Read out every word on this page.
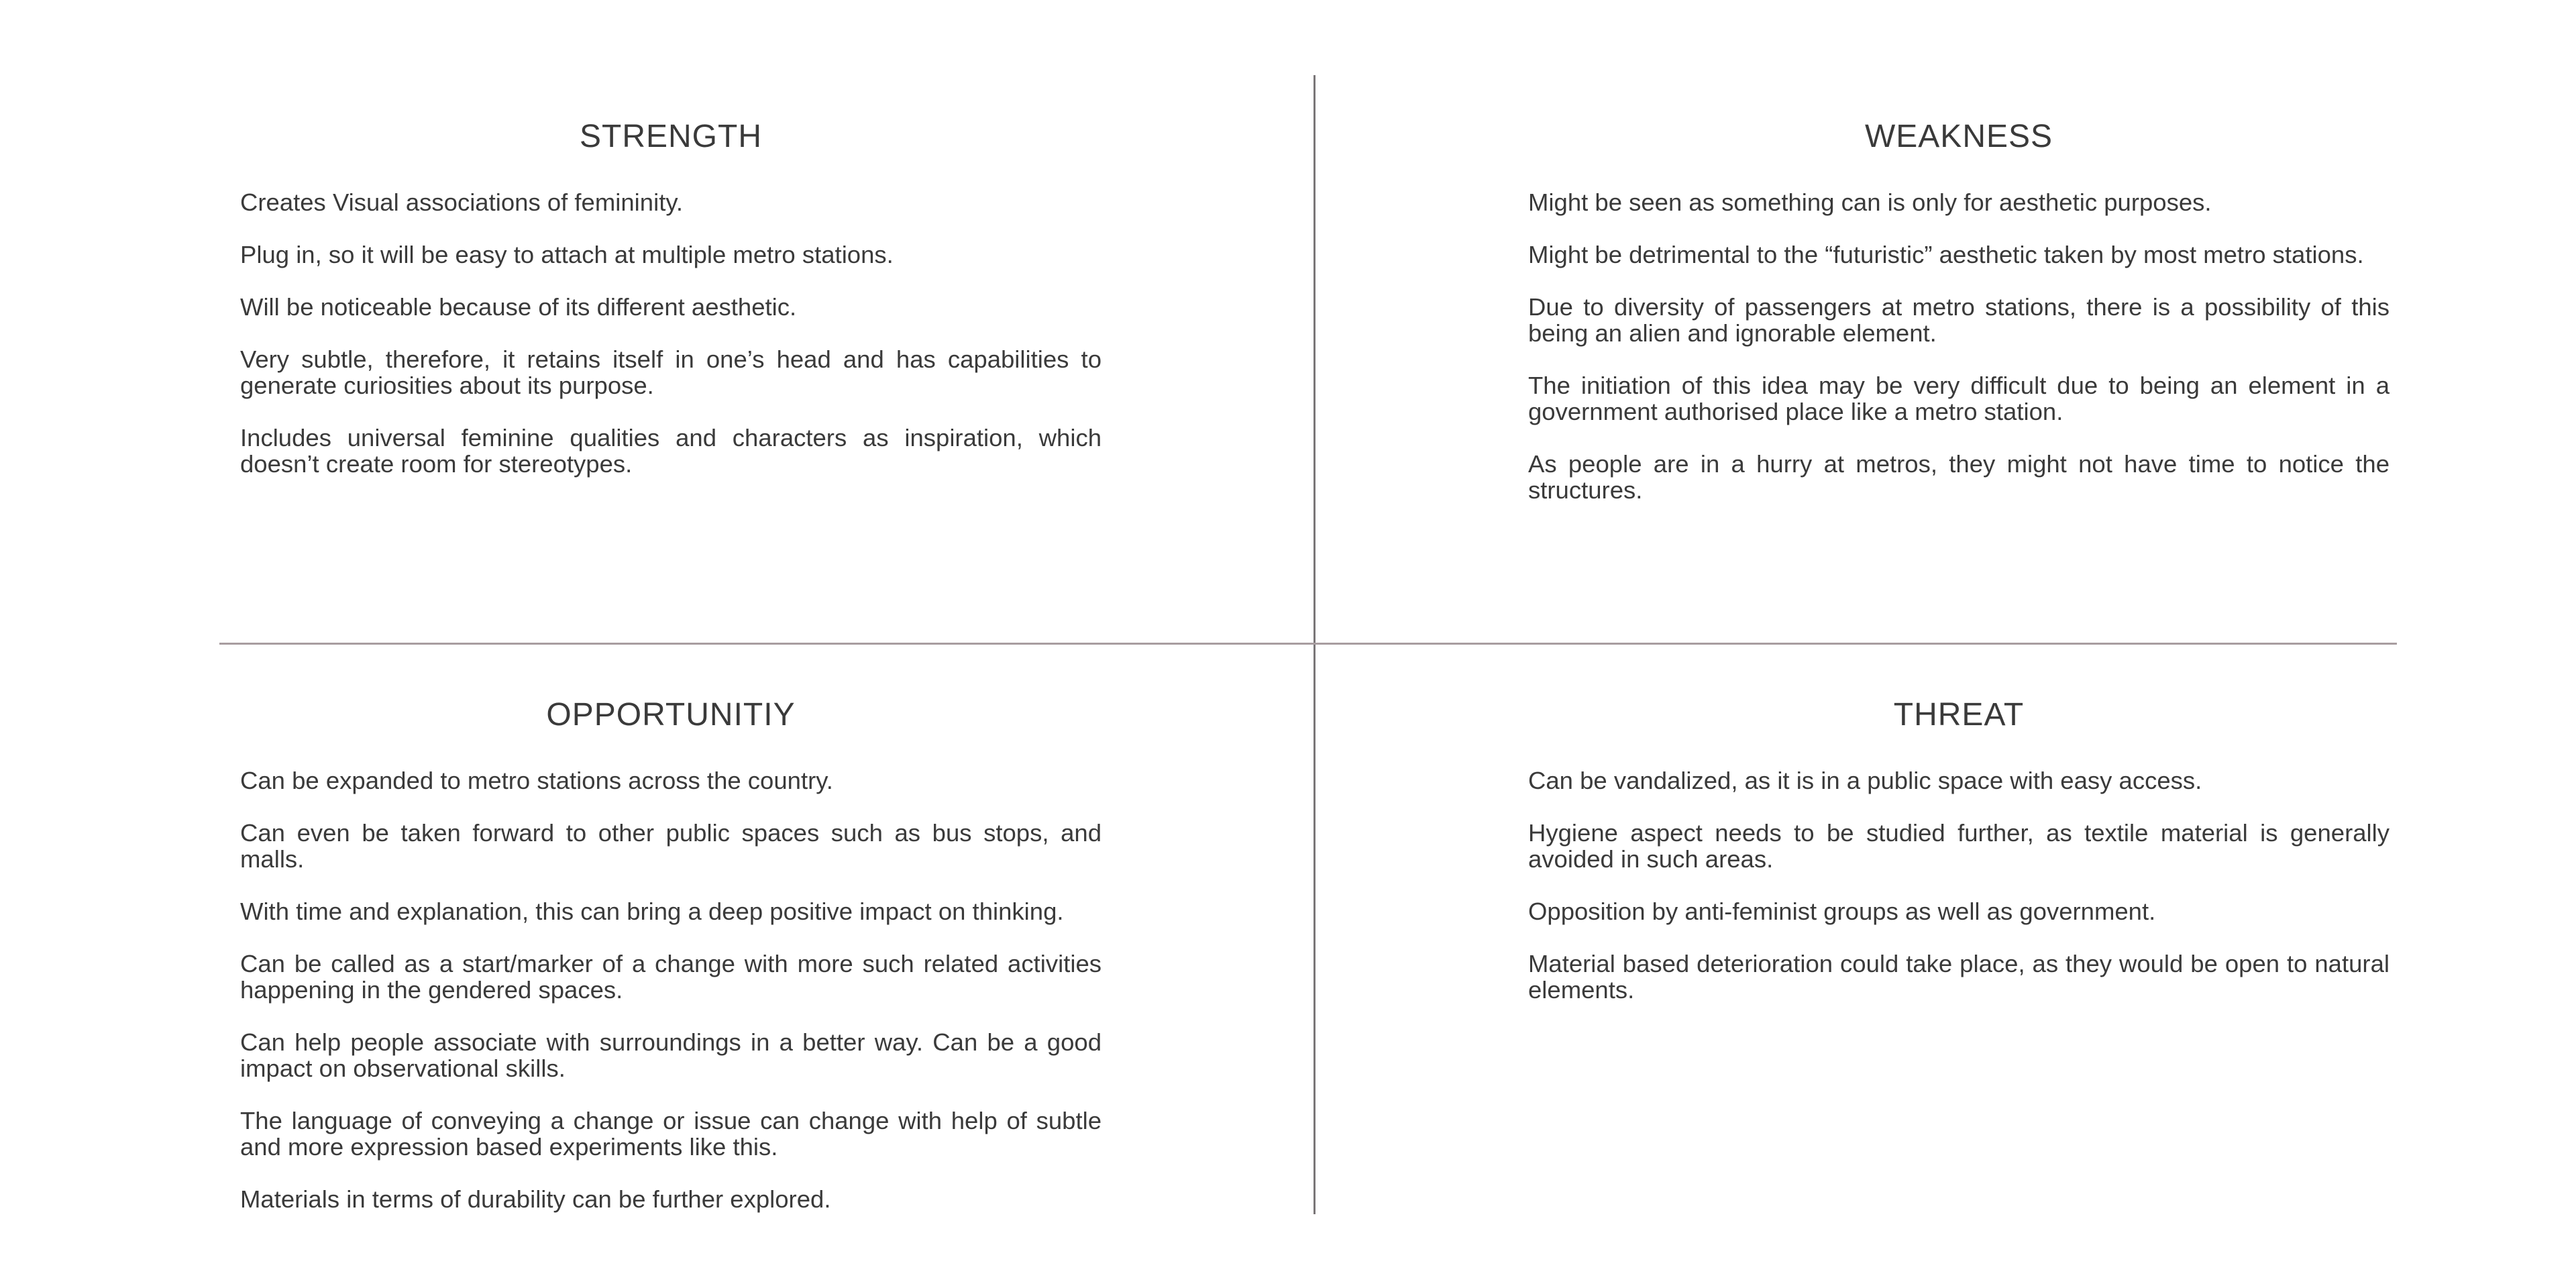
STRENGTH
Creates Visual associations of femininity.
Plug in, so it will be easy to attach at multiple metro stations.
Will be noticeable because of its different aesthetic.
Very subtle, therefore, it retains itself in one’s head and has capabilities to generate curiosities about its purpose.
Includes universal feminine qualities and characters as inspiration, which doesn’t create room for stereotypes.
WEAKNESS
Might be seen as something can is only for aesthetic purposes.
Might be detrimental to the “futuristic” aesthetic taken by most metro stations.
Due to diversity of passengers at metro stations, there is a possibility of this being an alien and ignorable element.
The initiation of this idea may be very difficult due to being an element in a government authorised place like a metro station.
As people are in a hurry at metros, they might not have time to notice the structures.
OPPORTUNITIY
Can be expanded to metro stations across the country.
Can even be taken forward to other public spaces such as bus stops, and malls.
With time and explanation, this can bring a deep positive impact on thinking.
Can be called as a start/marker of a change with more such related activities happening in the gendered spaces.
Can help people associate with surroundings in a better way. Can be a good impact on observational skills.
The language of conveying a change or issue can change with help of subtle and more expression based experiments like this.
Materials in terms of durability can be further explored.
THREAT
Can be vandalized, as it is in a public space with easy access.
Hygiene aspect needs to be studied further, as textile material is generally avoided in such areas.
Opposition by anti-feminist groups as well as government.
Material based deterioration could take place, as they would be open to natural elements.
